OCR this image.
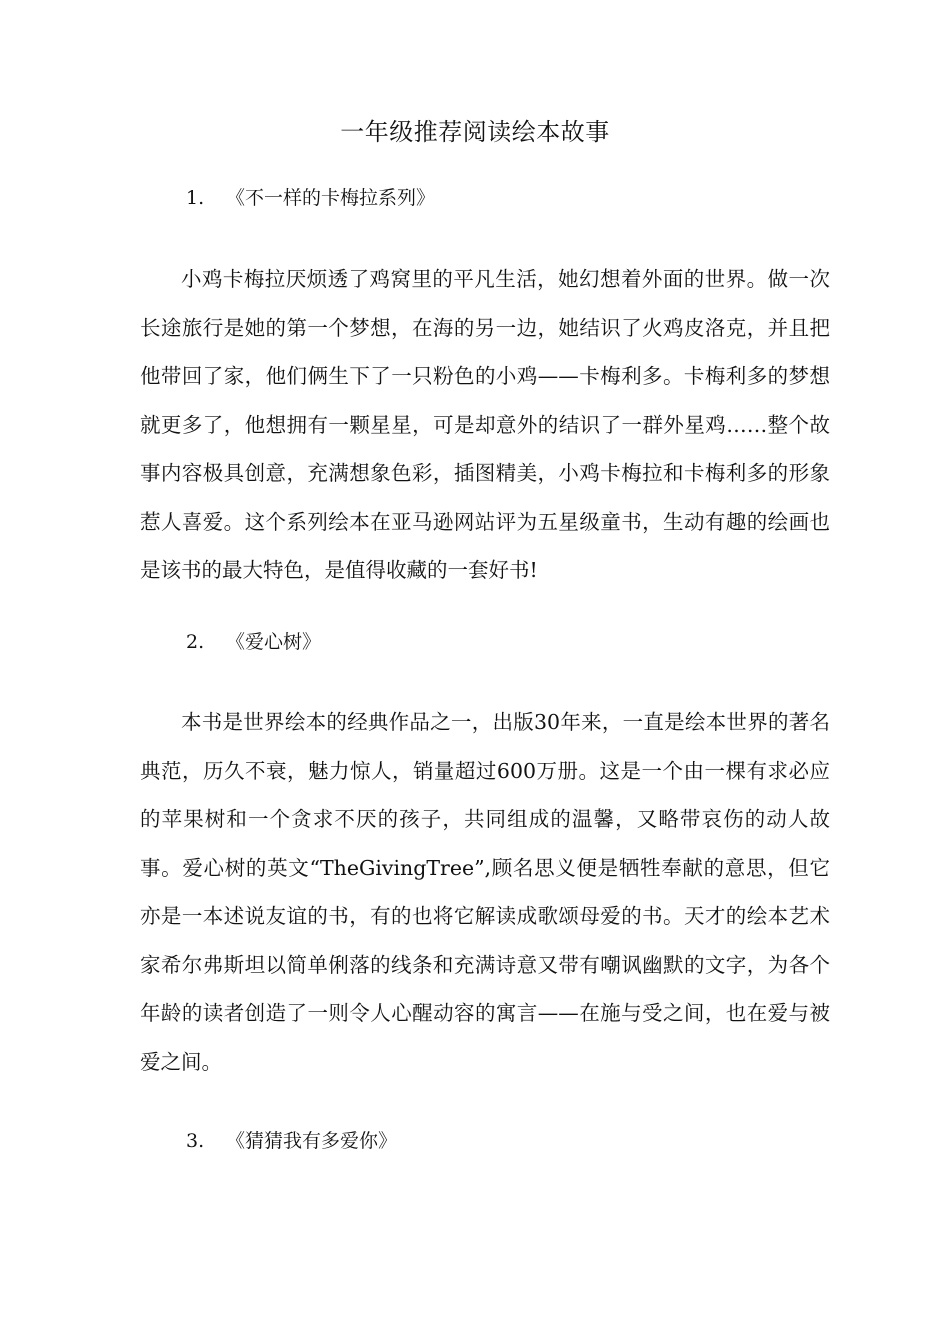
一年级推荐阅读绘本故事
1. 《不一样的卡梅拉系列》

小鸡卡梅拉厌烦透了鸡窝里的平凡生活，她幻想着外面的世界。做一次长途旅行是她的第一个梦想，在海的另一边，她结识了火鸡皮洛克，并且把他带回了家，他们俩生下了一只粉色的小鸡——卡梅利多。卡梅利多的梦想就更多了，他想拥有一颗星星，可是却意外的结识了一群外星鸡……整个故事内容极具创意，充满想象色彩，插图精美，小鸡卡梅拉和卡梅利多的形象惹人喜爱。这个系列绘本在亚马逊网站评为五星级童书，生动有趣的绘画也是该书的最大特色，是值得收藏的一套好书!

2. 《爱心树》

本书是世界绘本的经典作品之一，出版30年来，一直是绘本世界的著名典范，历久不衰，魅力惊人，销量超过600万册。这是一个由一棵有求必应的苹果树和一个贪求不厌的孩子，共同组成的温馨，又略带哀伤的动人故事。爱心树的英文“TheGivingTree”,顾名思义便是牺牲奉献的意思，但它亦是一本述说友谊的书，有的也将它解读成歌颂母爱的书。天才的绘本艺术家希尔弗斯坦以简单俐落的线条和充满诗意又带有嘲讽幽默的文字，为各个年龄的读者创造了一则令人心醒动容的寓言——在施与受之间，也在爱与被爱之间。

3. 《猜猜我有多爱你》
